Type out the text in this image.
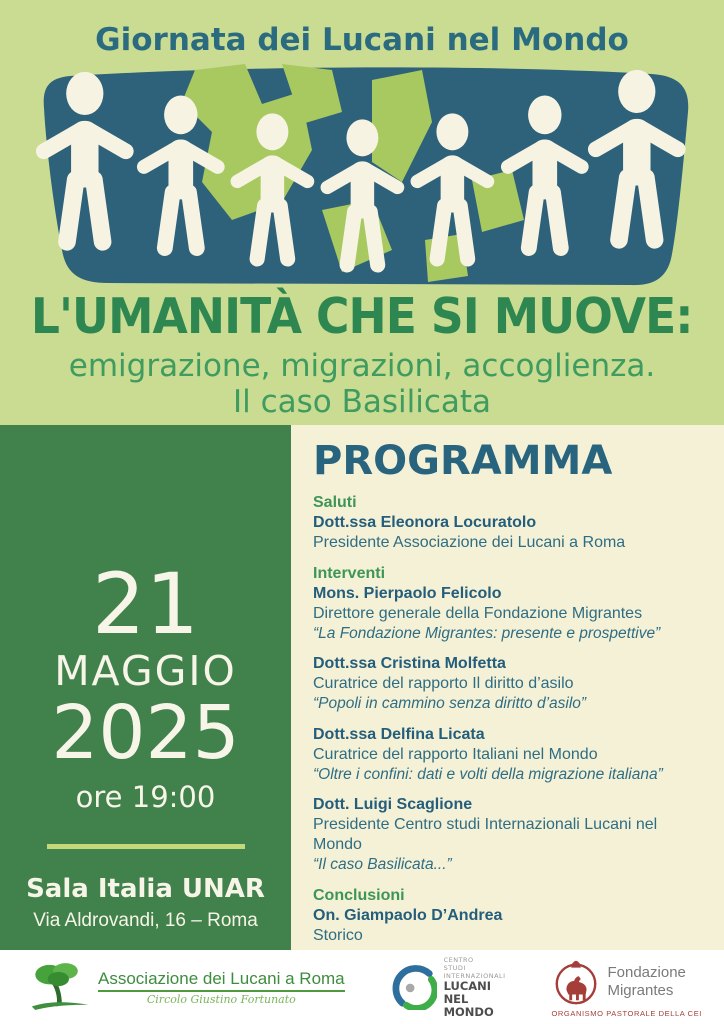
Giornata dei Lucani nel Mondo
L'UMANITÀ CHE SI MUOVE:
emigrazione, migrazioni, accoglienza.
Il caso Basilicata
21
MAGGIO
2025
ore 19:00
Sala Italia UNAR
Via Aldrovandi, 16 – Roma
PROGRAMMA
Saluti
Dott.ssa Eleonora Locuratolo
Presidente Associazione dei Lucani a Roma
Interventi
Mons. Pierpaolo Felicolo
Direttore generale della Fondazione Migrantes
“La Fondazione Migrantes: presente e prospettive”
Dott.ssa Cristina Molfetta
Curatrice del rapporto Il diritto d’asilo
“Popoli in cammino senza diritto d’asilo”
Dott.ssa Delfina Licata
Curatrice del rapporto Italiani nel Mondo
“Oltre i confini: dati e volti della migrazione italiana”
Dott. Luigi Scaglione
Presidente Centro studi Internazionali Lucani nel Mondo
“Il caso Basilicata...”
Conclusioni
On. Giampaolo D’Andrea
Storico
Associazione dei Lucani a Roma
Circolo Giustino Fortunato
CENTRO
STUDI
INTERNAZIONALI
LUCANI
NEL
MONDO
Fondazione
Migrantes
ORGANISMO PASTORALE DELLA CEI
